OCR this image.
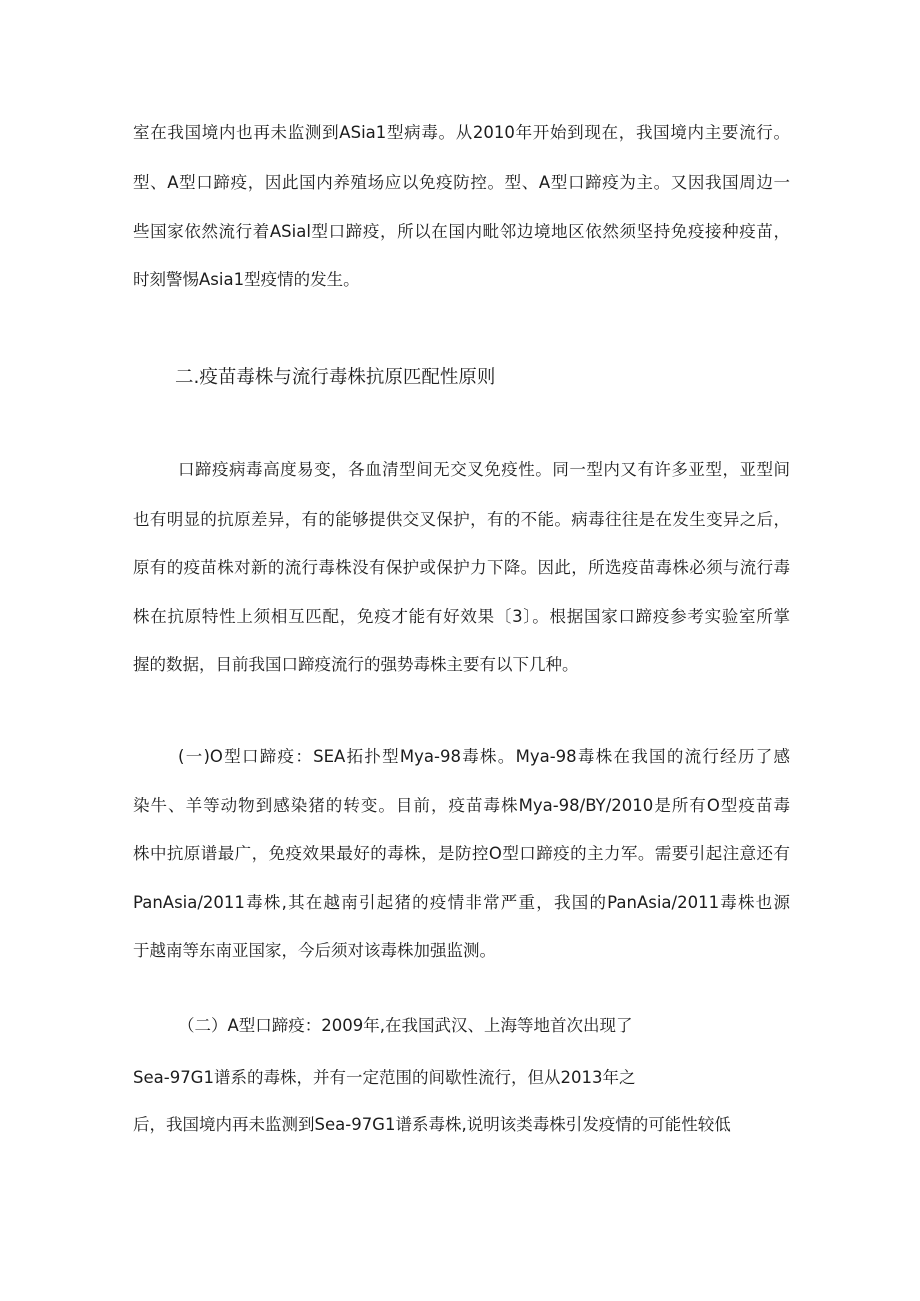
室在我国境内也再未监测到ASia1型病毒。从2010年开始到现在，我国境内主要流行。
型、A型口蹄疫，因此国内养殖场应以免疫防控。型、A型口蹄疫为主。又因我国周边一
些国家依然流行着ASial型口蹄疫，所以在国内毗邻边境地区依然须坚持免疫接种疫苗，
时刻警惕Asia1型疫情的发生。
二.疫苗毒株与流行毒株抗原匹配性原则
口蹄疫病毒高度易变，各血清型间无交叉免疫性。同一型内又有许多亚型，亚型间
也有明显的抗原差异，有的能够提供交叉保护，有的不能。病毒往往是在发生变异之后，
原有的疫苗株对新的流行毒株没有保护或保护力下降。因此，所选疫苗毒株必须与流行毒
株在抗原特性上须相互匹配，免疫才能有好效果〔3〕。根据国家口蹄疫参考实验室所掌
握的数据，目前我国口蹄疫流行的强势毒株主要有以下几种。
(一)O型口蹄疫：SEA拓扑型Mya-98毒株。Mya-98毒株在我国的流行经历了感
染牛、羊等动物到感染猪的转变。目前，疫苗毒株Mya-98/BY/2010是所有O型疫苗毒
株中抗原谱最广，免疫效果最好的毒株，是防控O型口蹄疫的主力军。需要引起注意还有
PanAsia/2011毒株,其在越南引起猪的疫情非常严重，我国的PanAsia/2011毒株也源
于越南等东南亚国家，今后须对该毒株加强监测。
（二）A型口蹄疫：2009年,在我国武汉、上海等地首次出现了
Sea-97G1谱系的毒株，并有一定范围的间歇性流行，但从2013年之
后，我国境内再未监测到Sea-97G1谱系毒株,说明该类毒株引发疫情的可能性较低
